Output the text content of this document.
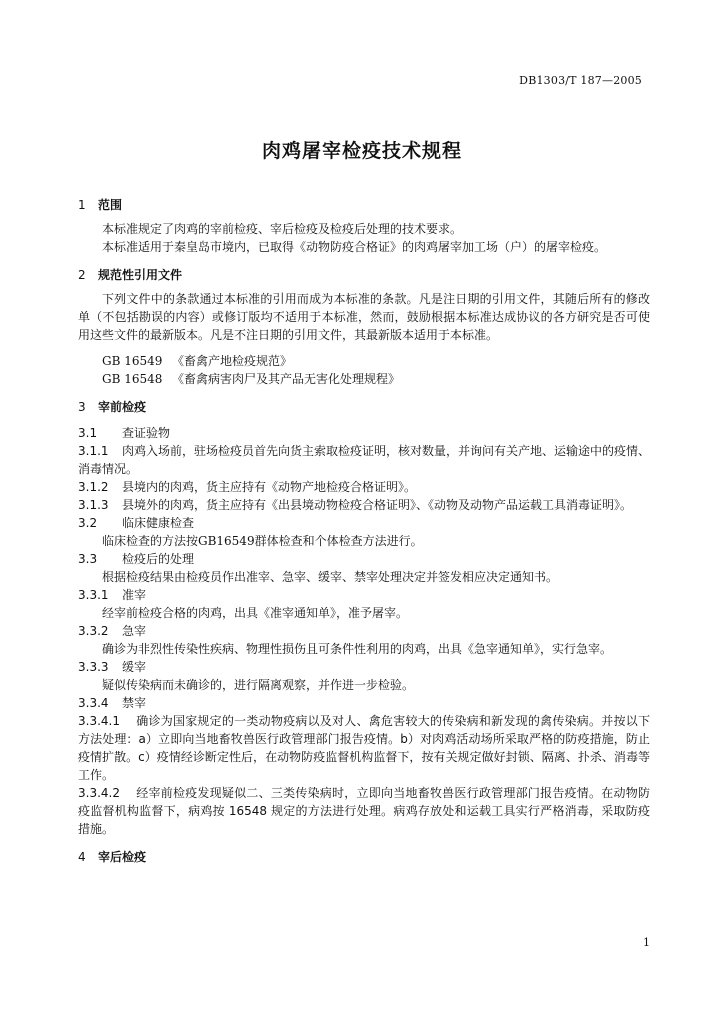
DB1303/T 187—2005
肉鸡屠宰检疫技术规程
1 范围
本标准规定了肉鸡的宰前检疫、宰后检疫及检疫后处理的技术要求。
本标准适用于秦皇岛市境内，已取得《动物防疫合格证》的肉鸡屠宰加工场（户）的屠宰检疫。
2 规范性引用文件
下列文件中的条款通过本标准的引用而成为本标准的条款。凡是注日期的引用文件，其随后所有的修改单（不包括勘误的内容）或修订版均不适用于本标准，然而，鼓励根据本标准达成协议的各方研究是否可使用这些文件的最新版本。凡是不注日期的引用文件，其最新版本适用于本标准。
GB 16549 《畜禽产地检疫规范》
GB 16548 《畜禽病害肉尸及其产品无害化处理规程》
3 宰前检疫
3.1 查证验物
3.1.1 肉鸡入场前，驻场检疫员首先向货主索取检疫证明，核对数量，并询问有关产地、运输途中的疫情、消毒情况。
3.1.2 县境内的肉鸡，货主应持有《动物产地检疫合格证明》。
3.1.3 县境外的肉鸡，货主应持有《出县境动物检疫合格证明》、《动物及动物产品运载工具消毒证明》。
3.2 临床健康检查
临床检查的方法按GB16549群体检查和个体检查方法进行。
3.3 检疫后的处理
根据检疫结果由检疫员作出准宰、急宰、缓宰、禁宰处理决定并签发相应决定通知书。
3.3.1 准宰
经宰前检疫合格的肉鸡，出具《准宰通知单》，准予屠宰。
3.3.2 急宰
确诊为非烈性传染性疾病、物理性损伤且可条件性利用的肉鸡，出具《急宰通知单》，实行急宰。
3.3.3 缓宰
疑似传染病而未确诊的，进行隔离观察，并作进一步检验。
3.3.4 禁宰
3.3.4.1 确诊为国家规定的一类动物疫病以及对人、禽危害较大的传染病和新发现的禽传染病。并按以下方法处理：a）立即向当地畜牧兽医行政管理部门报告疫情。b）对肉鸡活动场所采取严格的防疫措施，防止疫情扩散。c）疫情经诊断定性后，在动物防疫监督机构监督下，按有关规定做好封锁、隔离、扑杀、消毒等工作。
3.3.4.2 经宰前检疫发现疑似二、三类传染病时，立即向当地畜牧兽医行政管理部门报告疫情。在动物防疫监督机构监督下，病鸡按 16548 规定的方法进行处理。病鸡存放处和运载工具实行严格消毒，采取防疫措施。
4 宰后检疫
1
